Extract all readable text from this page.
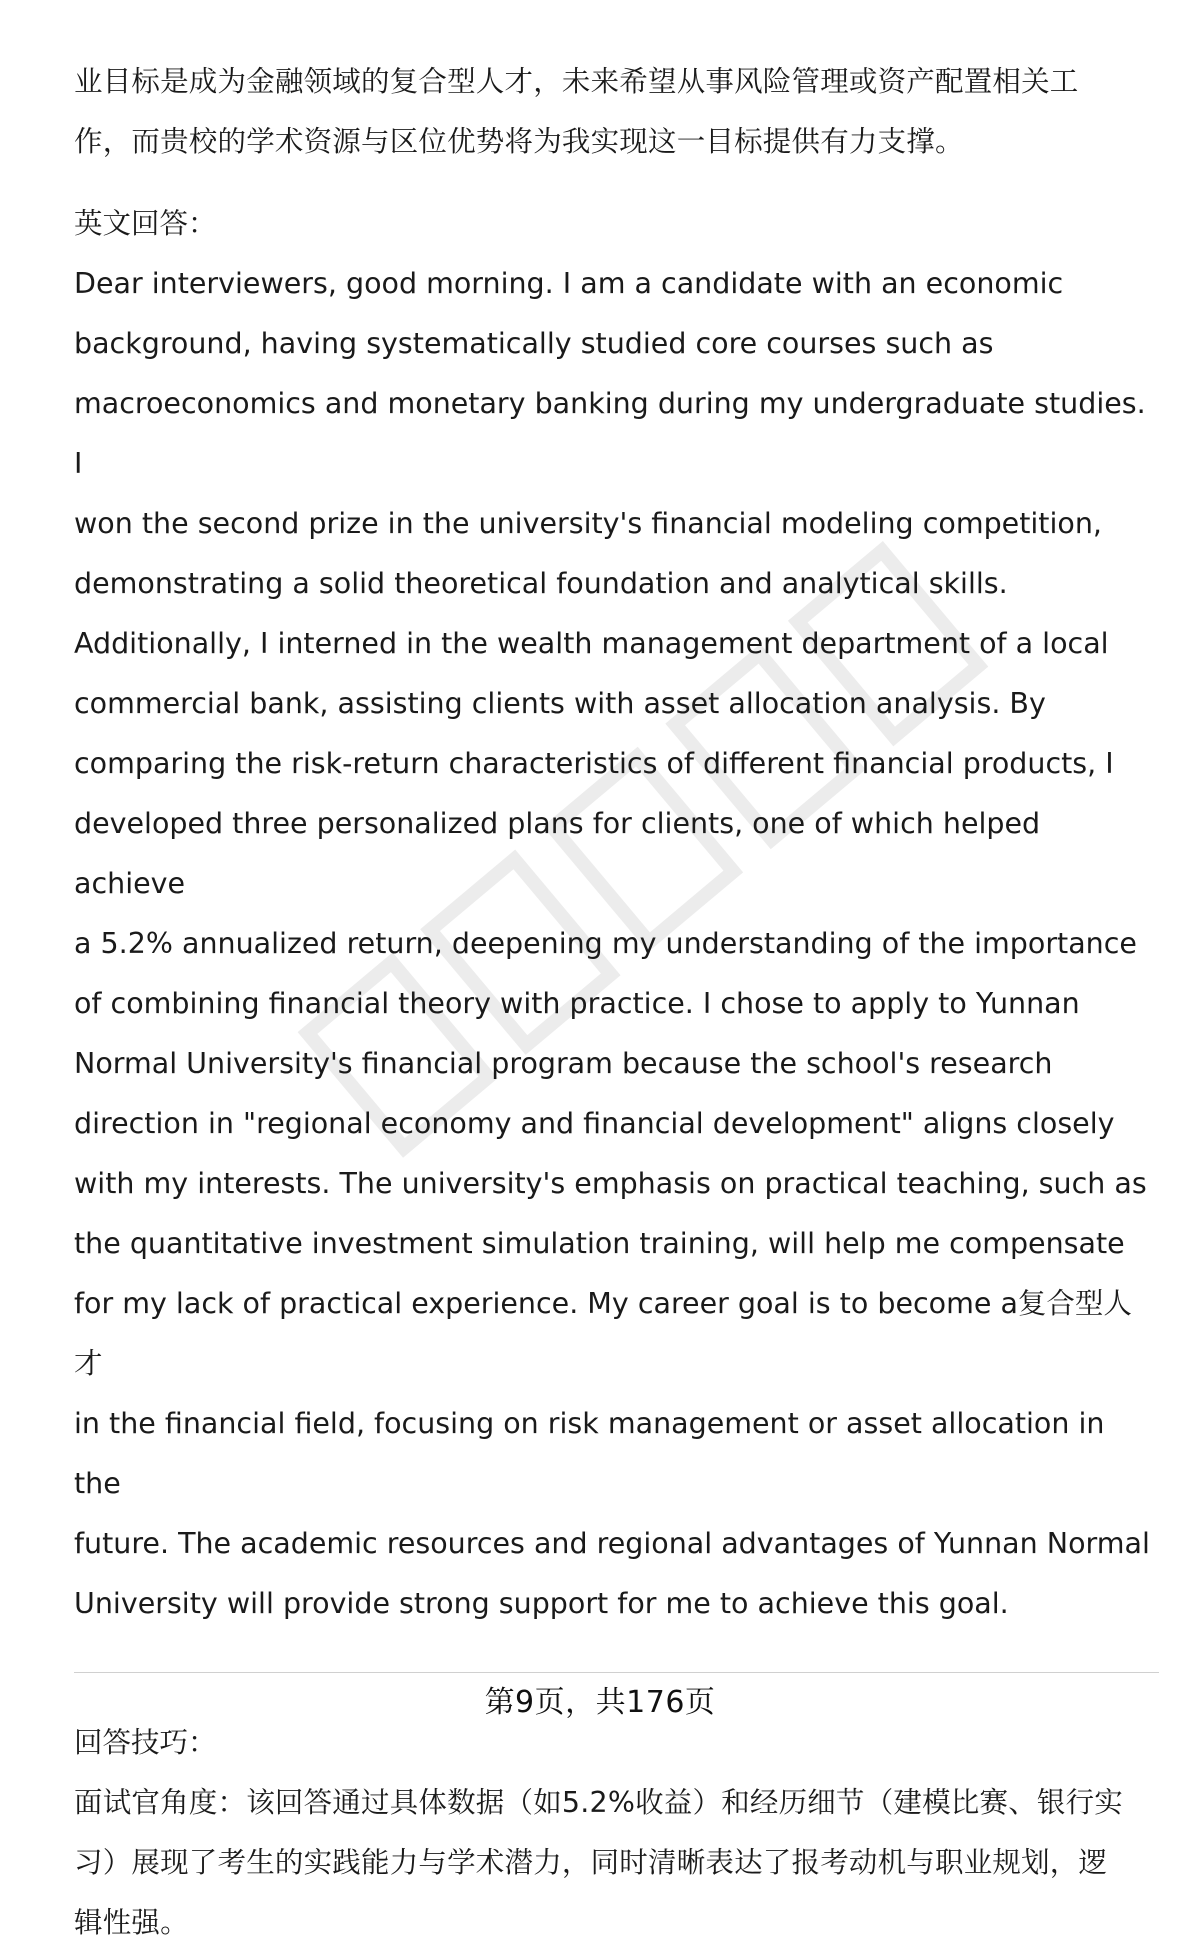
业目标是成为金融领域的复合型人才，未来希望从事风险管理或资产配置相关工

作，而贵校的学术资源与区位优势将为我实现这一目标提供有力支撑。

英文回答：

Dear interviewers, good morning. I am a candidate with an economic

background, having systematically studied core courses such as

macroeconomics and monetary banking during my undergraduate studies. I

won the second prize in the university's financial modeling competition,

demonstrating a solid theoretical foundation and analytical skills.

Additionally, I interned in the wealth management department of a local

commercial bank, assisting clients with asset allocation analysis. By

comparing the risk-return characteristics of different financial products, I

developed three personalized plans for clients, one of which helped achieve

a 5.2% annualized return, deepening my understanding of the importance

of combining financial theory with practice. I chose to apply to Yunnan

Normal University's financial program because the school's research

direction in "regional economy and financial development" aligns closely

with my interests. The university's emphasis on practical teaching, such as

the quantitative investment simulation training, will help me compensate

for my lack of practical experience. My career goal is to become a复合型人才

in the financial field, focusing on risk management or asset allocation in the

future. The academic resources and regional advantages of Yunnan Normal

University will provide strong support for me to achieve this goal.

回答技巧：

面试官角度：该回答通过具体数据（如5.2%收益）和经历细节（建模比赛、银行实

习）展现了考生的实践能力与学术潜力，同时清晰表达了报考动机与职业规划，逻

辑性强。

第9页，共176页
